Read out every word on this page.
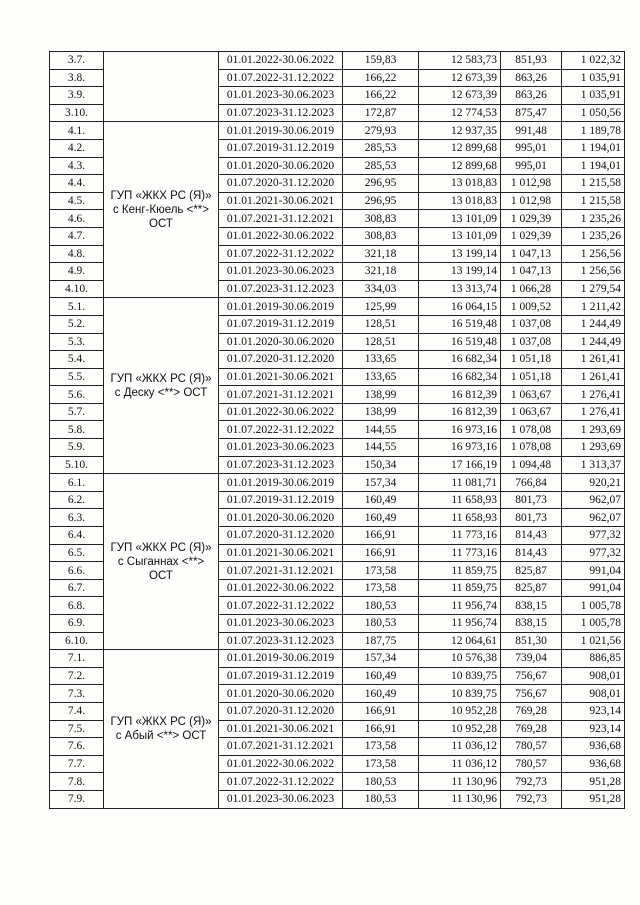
3.7.		01.01.2022-30.06.2022	159,83	12 583,73	851,93	1 022,32
3.8.		01.07.2022-31.12.2022	166,22	12 673,39	863,26	1 035,91
3.9.		01.01.2023-30.06.2023	166,22	12 673,39	863,26	1 035,91
3.10.		01.07.2023-31.12.2023	172,87	12 774,53	875,47	1 050,56
4.1.	ГУП «ЖКХ РС (Я)»
с Кенг-Кюель <**>
ОСТ	01.01.2019-30.06.2019	279,93	12 937,35	991,48	1 189,78
4.2.		01.07.2019-31.12.2019	285,53	12 899,68	995,01	1 194,01
4.3.		01.01.2020-30.06.2020	285,53	12 899,68	995,01	1 194,01
4.4.		01.07.2020-31.12.2020	296,95	13 018,83	1 012,98	1 215,58
4.5.		01.01.2021-30.06.2021	296,95	13 018,83	1 012,98	1 215,58
4.6.		01.07.2021-31.12.2021	308,83	13 101,09	1 029,39	1 235,26
4.7.		01.01.2022-30.06.2022	308,83	13 101,09	1 029,39	1 235,26
4.8.		01.07.2022-31.12.2022	321,18	13 199,14	1 047,13	1 256,56
4.9.		01.01.2023-30.06.2023	321,18	13 199,14	1 047,13	1 256,56
4.10.		01.07.2023-31.12.2023	334,03	13 313,74	1 066,28	1 279,54
5.1.	ГУП «ЖКХ РС (Я)»
с Деску <**> ОСТ	01.01.2019-30.06.2019	125,99	16 064,15	1 009,52	1 211,42
5.2.		01.07.2019-31.12.2019	128,51	16 519,48	1 037,08	1 244,49
5.3.		01.01.2020-30.06.2020	128,51	16 519,48	1 037,08	1 244,49
5.4.		01.07.2020-31.12.2020	133,65	16 682,34	1 051,18	1 261,41
5.5.		01.01.2021-30.06.2021	133,65	16 682,34	1 051,18	1 261,41
5.6.		01.07.2021-31.12.2021	138,99	16 812,39	1 063,67	1 276,41
5.7.		01.01.2022-30.06.2022	138,99	16 812,39	1 063,67	1 276,41
5.8.		01.07.2022-31.12.2022	144,55	16 973,16	1 078,08	1 293,69
5.9.		01.01.2023-30.06.2023	144,55	16 973,16	1 078,08	1 293,69
5.10.		01.07.2023-31.12.2023	150,34	17 166,19	1 094,48	1 313,37
6.1.	ГУП «ЖКХ РС (Я)»
с Сыганнах <**>
ОСТ	01.01.2019-30.06.2019	157,34	11 081,71	766,84	920,21
6.2.		01.07.2019-31.12.2019	160,49	11 658,93	801,73	962,07
6.3.		01.01.2020-30.06.2020	160,49	11 658,93	801,73	962,07
6.4.		01.07.2020-31.12.2020	166,91	11 773,16	814,43	977,32
6.5.		01.01.2021-30.06.2021	166,91	11 773,16	814,43	977,32
6.6.		01.07.2021-31.12.2021	173,58	11 859,75	825,87	991,04
6.7.		01.01.2022-30.06.2022	173,58	11 859,75	825,87	991,04
6.8.		01.07.2022-31.12.2022	180,53	11 956,74	838,15	1 005,78
6.9.		01.01.2023-30.06.2023	180,53	11 956,74	838,15	1 005,78
6.10.		01.07.2023-31.12.2023	187,75	12 064,61	851,30	1 021,56
7.1.	ГУП «ЖКХ РС (Я)»
с Абый <**> ОСТ	01.01.2019-30.06.2019	157,34	10 576,38	739,04	886,85
7.2.		01.07.2019-31.12.2019	160,49	10 839,75	756,67	908,01
7.3.		01.01.2020-30.06.2020	160,49	10 839,75	756,67	908,01
7.4.		01.07.2020-31.12.2020	166,91	10 952,28	769,28	923,14
7.5.		01.01.2021-30.06.2021	166,91	10 952,28	769,28	923,14
7.6.		01.07.2021-31.12.2021	173,58	11 036,12	780,57	936,68
7.7.		01.01.2022-30.06.2022	173,58	11 036,12	780,57	936,68
7.8.		01.07.2022-31.12.2022	180,53	11 130,96	792,73	951,28
7.9.		01.01.2023-30.06.2023	180,53	11 130,96	792,73	951,28
